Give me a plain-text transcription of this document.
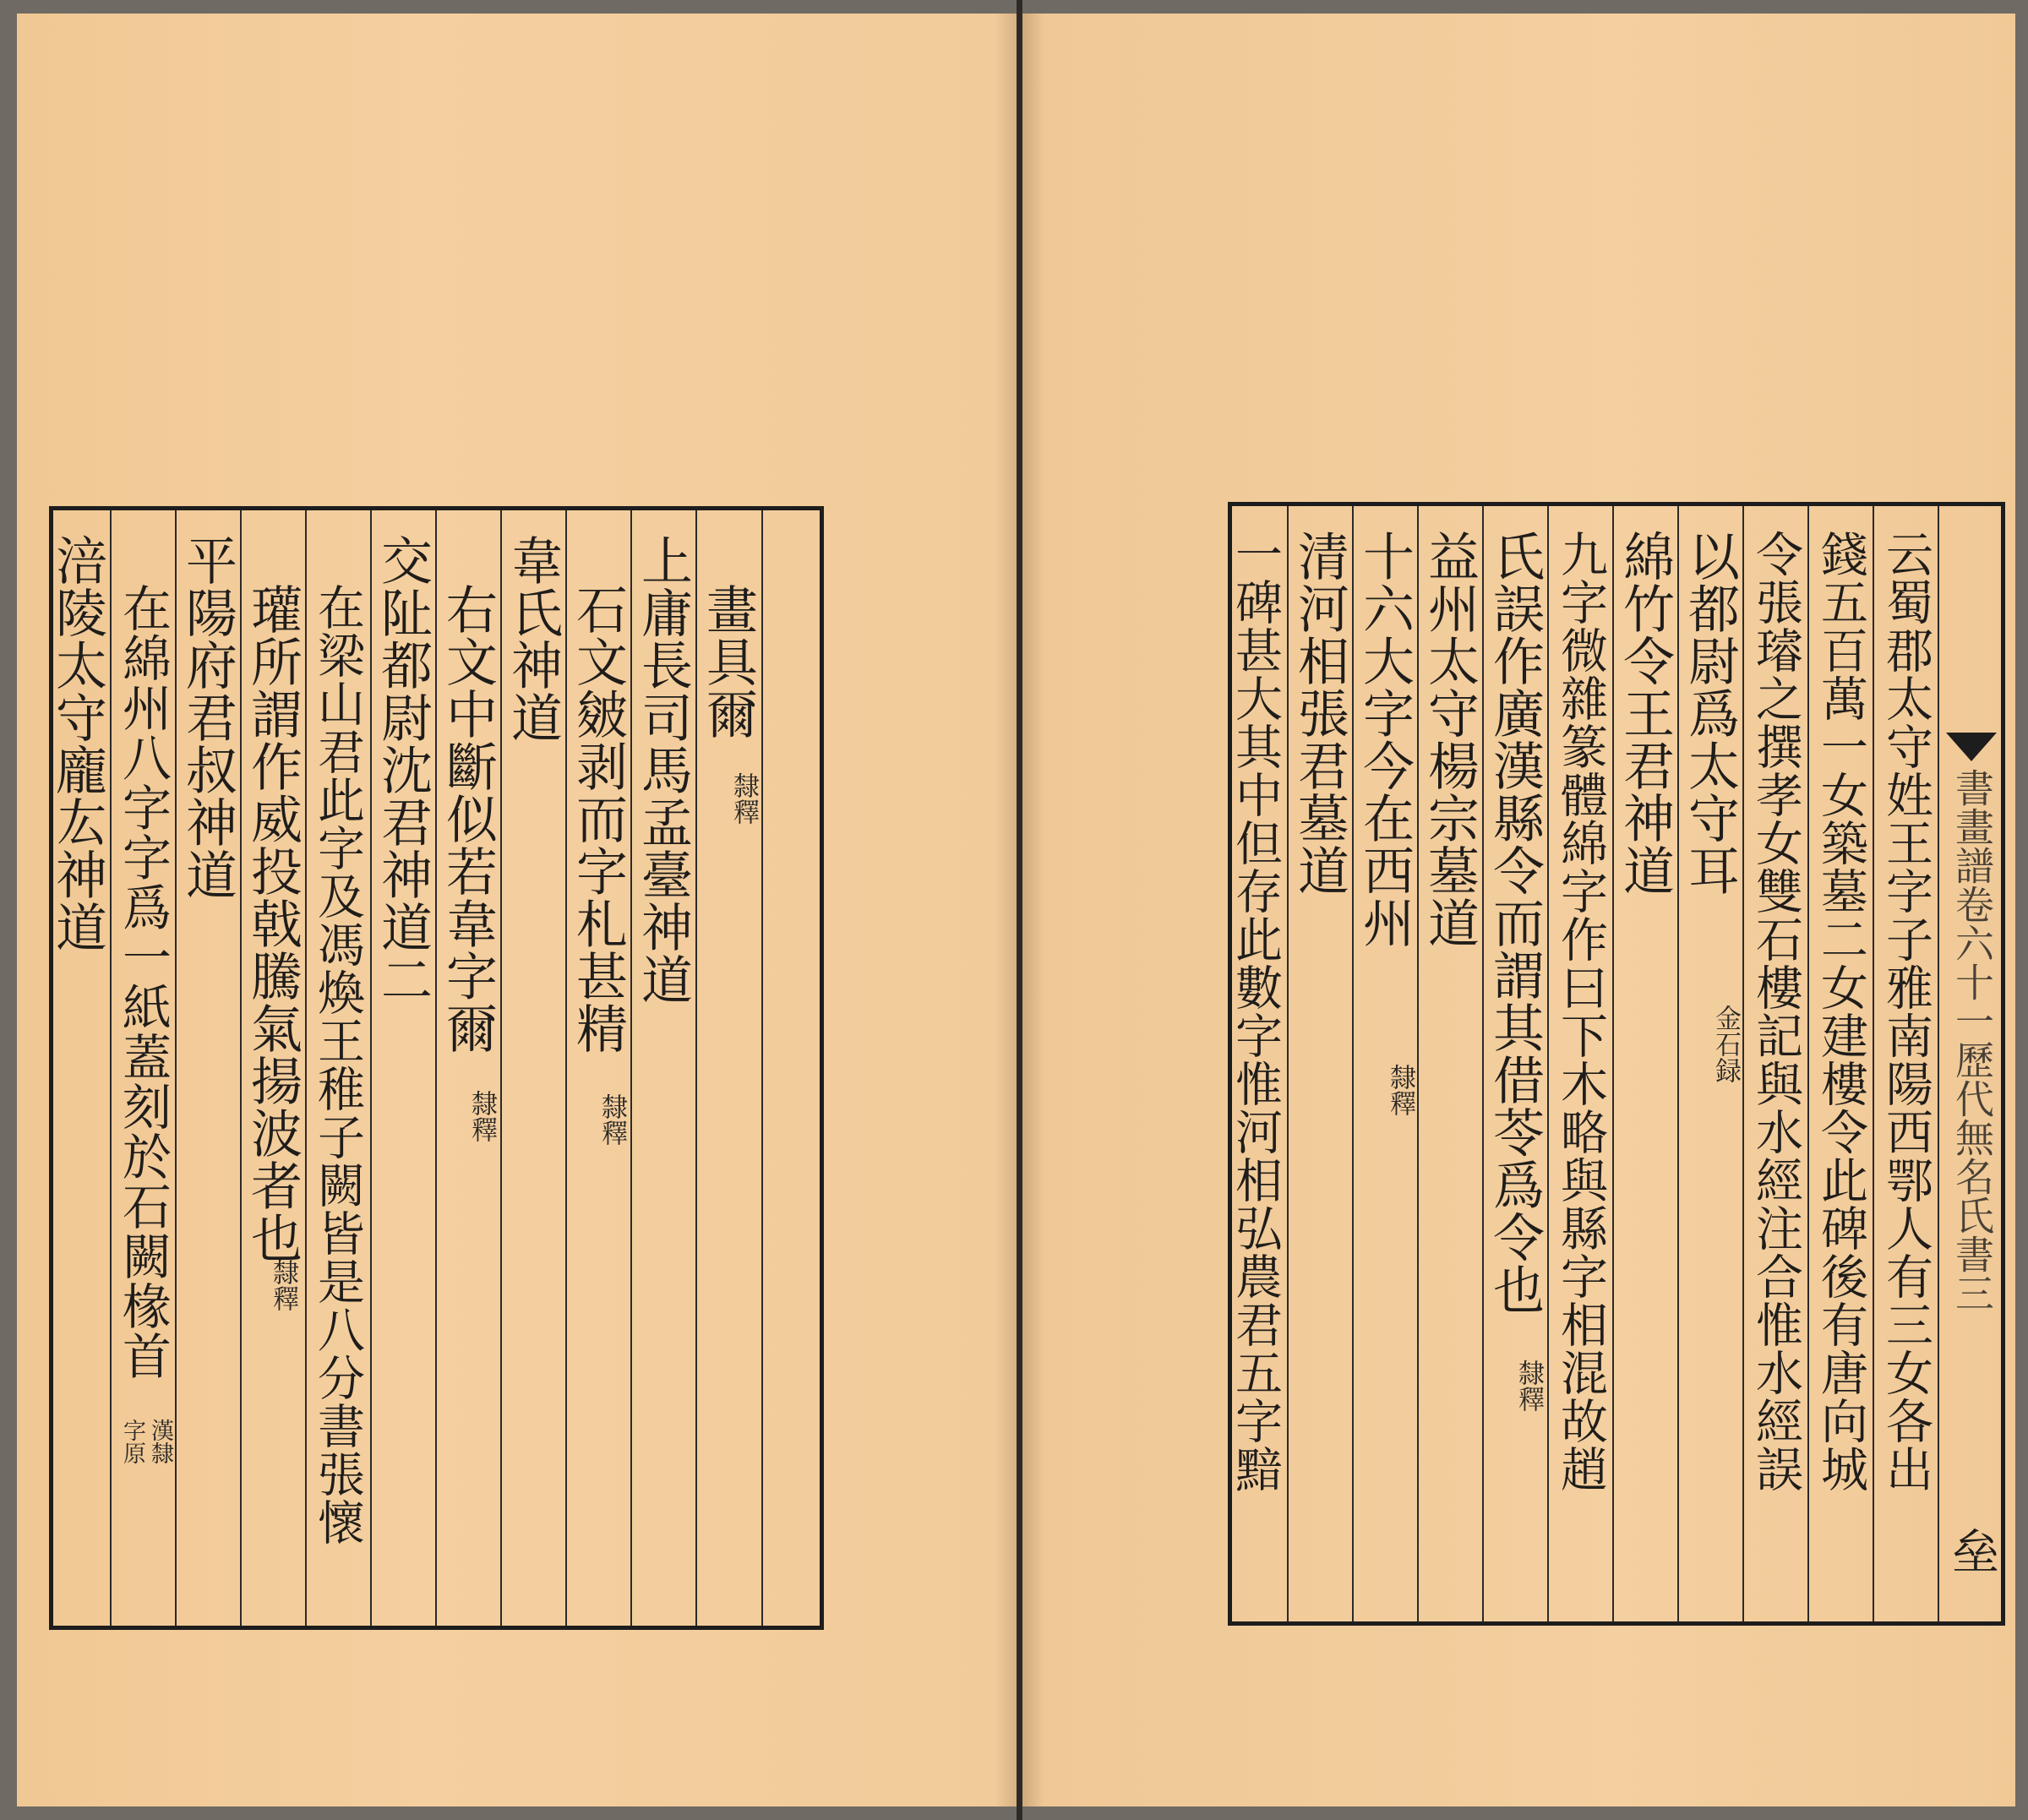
畫具爾
隸釋
上庸長司馬孟臺神道
石文皴剥而字札甚精
隸釋
韋氏神道
右文中斷似若韋字爾
隸釋
交阯都尉沈君神道二
在梁山君此字及馮煥王稚子闕皆是八分書張懷
瓘所謂作威投戟騰氣揚波者也
隸釋
平陽府君叔神道
在綿州八字字爲一紙蓋刻於石闕椽首
漢隸
字原
涪陵太守龐厷神道
書畫譜卷六十一歷代無名氏書三
垒
云蜀郡太守姓王字子雅南陽西鄂人有三女各出
錢五百萬一女築墓二女建樓令此碑後有唐向城
令張璿之撰孝女雙石樓記與水經注合惟水經誤
以都尉爲太守耳
金石録
綿竹令王君神道
九字微雜篆體綿字作曰下木略與縣字相混故趙
氏誤作廣漢縣令而謂其借苓爲令也
隸釋
益州太守楊宗墓道
十六大字今在西州
隸釋
清河相張君墓道
一碑甚大其中但存此數字惟河相弘農君五字黯
